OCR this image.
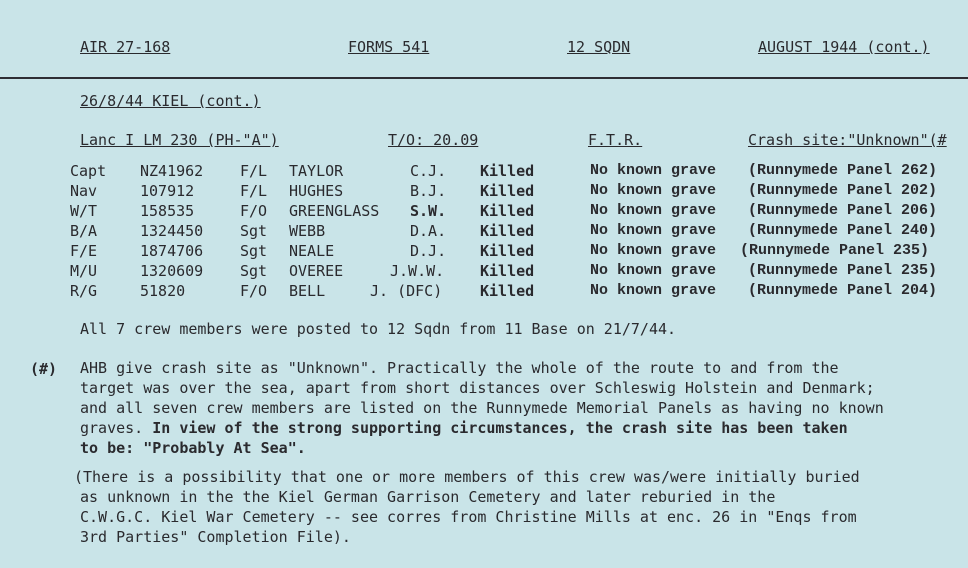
AIR 27-168	FORMS 541	12 SQDN	AUGUST 1944 (cont.)
26/8/44 KIEL (cont.)
Lanc I LM 230 (PH-"A")	T/O: 20.09	F.T.R.	Crash site:"Unknown"(#
Capt NZ41962 F/L TAYLOR	C.J. Killed	No known grave (Runnymede Panel 262)
Nav	107912	F/L HUGHES	B.J. Killed	No known grave (Runnymede Panel 202)
W/T	158535	F/O GREENGLASS S.W. Killed	No known grave (Runnymede Panel 206)
B/A	1324450 Sgt WEBB	D.A. Killed	No known grave (Runnymede Panel 240)
F/E	1874706 Sgt NEALE	D.J. Killed	No known grave (Runnymede Panel 235)
M/U	1320609 Sgt OVEREE	J.W.W. Killed	No known grave (Runnymede Panel 235)
R/G	51820	F/O BELL	J. (DFC)	Killed	No known grave (Runnymede Panel 204)
All 7 crew members were posted to 12 Sqdn from 11 Base on 21/7/44.
(#) AHB give crash site as "Unknown". Practically the whole of the route to and from the
target was over the sea, apart from short distances over Schleswig Holstein and Denmark;
and all seven crew members are listed on the Runnymede Memorial Panels as having no known
graves. In view of the strong supporting circumstances, the crash site has been taken
to be: "Probably At Sea".
(There is a possibility that one or more members of this crew was/were initially buried
as unknown in the the Kiel German Garrison Cemetery and later reburied in the
C.W.G.C. Kiel War Cemetery -- see corres from Christine Mills at enc. 26 in "Enqs from
3rd Parties" Completion File).
